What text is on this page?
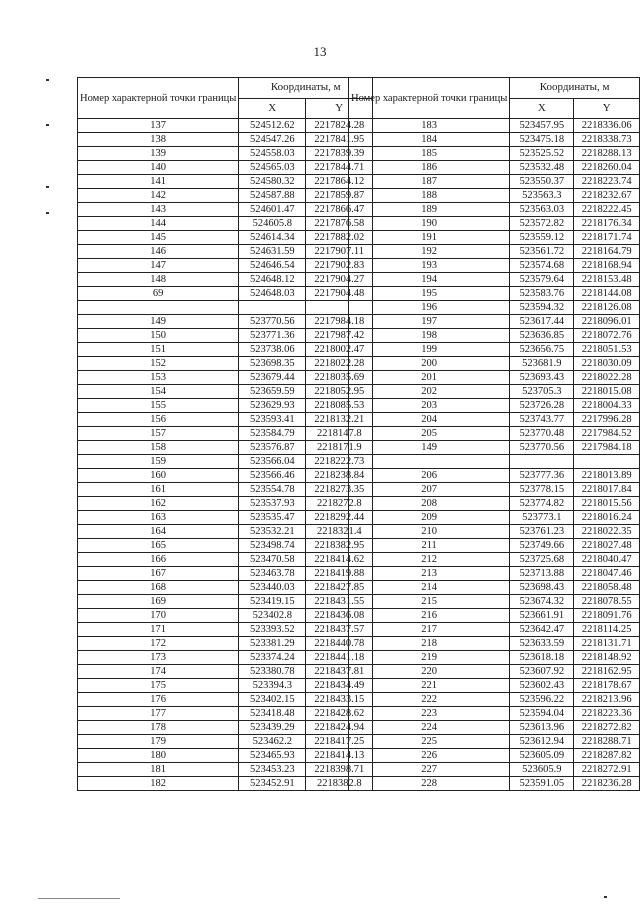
13
Номер характерной точки границы	Координаты, м	
	X	Y
137	524512.62	2217824.28
138	524547.26	2217841.95
139	524558.03	2217839.39
140	524565.03	2217844.71
141	524580.32	2217864.12
142	524587.88	2217859.87
143	524601.47	2217866.47
144	524605.8	2217876.58
145	524614.34	2217882.02
146	524631.59	2217907.11
147	524646.54	2217902.83
148	524648.12	2217904.27
69	524648.03	2217904.48

149	523770.56	2217984.18
150	523771.36	2217987.42
151	523738.06	2218002.47
152	523698.35	2218022.28
153	523679.44	2218035.69
154	523659.59	2218052.95
155	523629.93	2218085.53
156	523593.41	2218132.21
157	523584.79	2218147.8
158	523576.87	2218171.9
159	523566.04	2218222.73
160	523566.46	2218238.84
161	523554.78	2218273.35
162	523537.93	2218272.8
163	523535.47	2218292.44
164	523532.21	2218321.4
165	523498.74	2218382.95
166	523470.58	2218414.62
167	523463.78	2218419.88
168	523440.03	2218427.85
169	523419.15	2218431.55
170	523402.8	2218436.08
171	523393.52	2218437.57
172	523381.29	2218440.78
173	523374.24	2218441.18
174	523380.78	2218437.81
175	523394.3	2218434.49
176	523402.15	2218433.15
177	523418.48	2218428.62
178	523439.29	2218424.94
179	523462.2	2218417.25
180	523465.93	2218414.13
181	523453.23	2218398.71
182	523452.91	2218382.8
Номер характерной точки границы	Координаты, м	
	X	Y
183	523457.95	2218336.06
184	523475.18	2218338.73
185	523525.52	2218288.13
186	523532.48	2218260.04
187	523550.37	2218223.74
188	523563.3	2218232.67
189	523563.03	2218222.45
190	523572.82	2218176.34
191	523559.12	2218171.74
192	523561.72	2218164.79
193	523574.68	2218168.94
194	523579.64	2218153.48
195	523583.76	2218144.08
196	523594.32	2218126.08
197	523617.44	2218096.01
198	523636.85	2218072.76
199	523656.75	2218051.53
200	523681.9	2218030.09
201	523693.43	2218022.28
202	523705.3	2218015.08
203	523726.28	2218004.33
204	523743.77	2217996.28
205	523770.48	2217984.52
149	523770.56	2217984.18

206	523777.36	2218013.89
207	523778.15	2218017.84
208	523774.82	2218015.56
209	523773.1	2218016.24
210	523761.23	2218022.35
211	523749.66	2218027.48
212	523725.68	2218040.47
213	523713.88	2218047.46
214	523698.43	2218058.48
215	523674.32	2218078.55
216	523661.91	2218091.76
217	523642.47	2218114.25
218	523633.59	2218131.71
219	523618.18	2218148.92
220	523607.92	2218162.95
221	523602.43	2218178.67
222	523596.22	2218213.96
223	523594.04	2218223.36
224	523613.96	2218272.82
225	523612.94	2218288.71
226	523605.09	2218287.82
227	523605.9	2218272.91
228	523591.05	2218236.28
